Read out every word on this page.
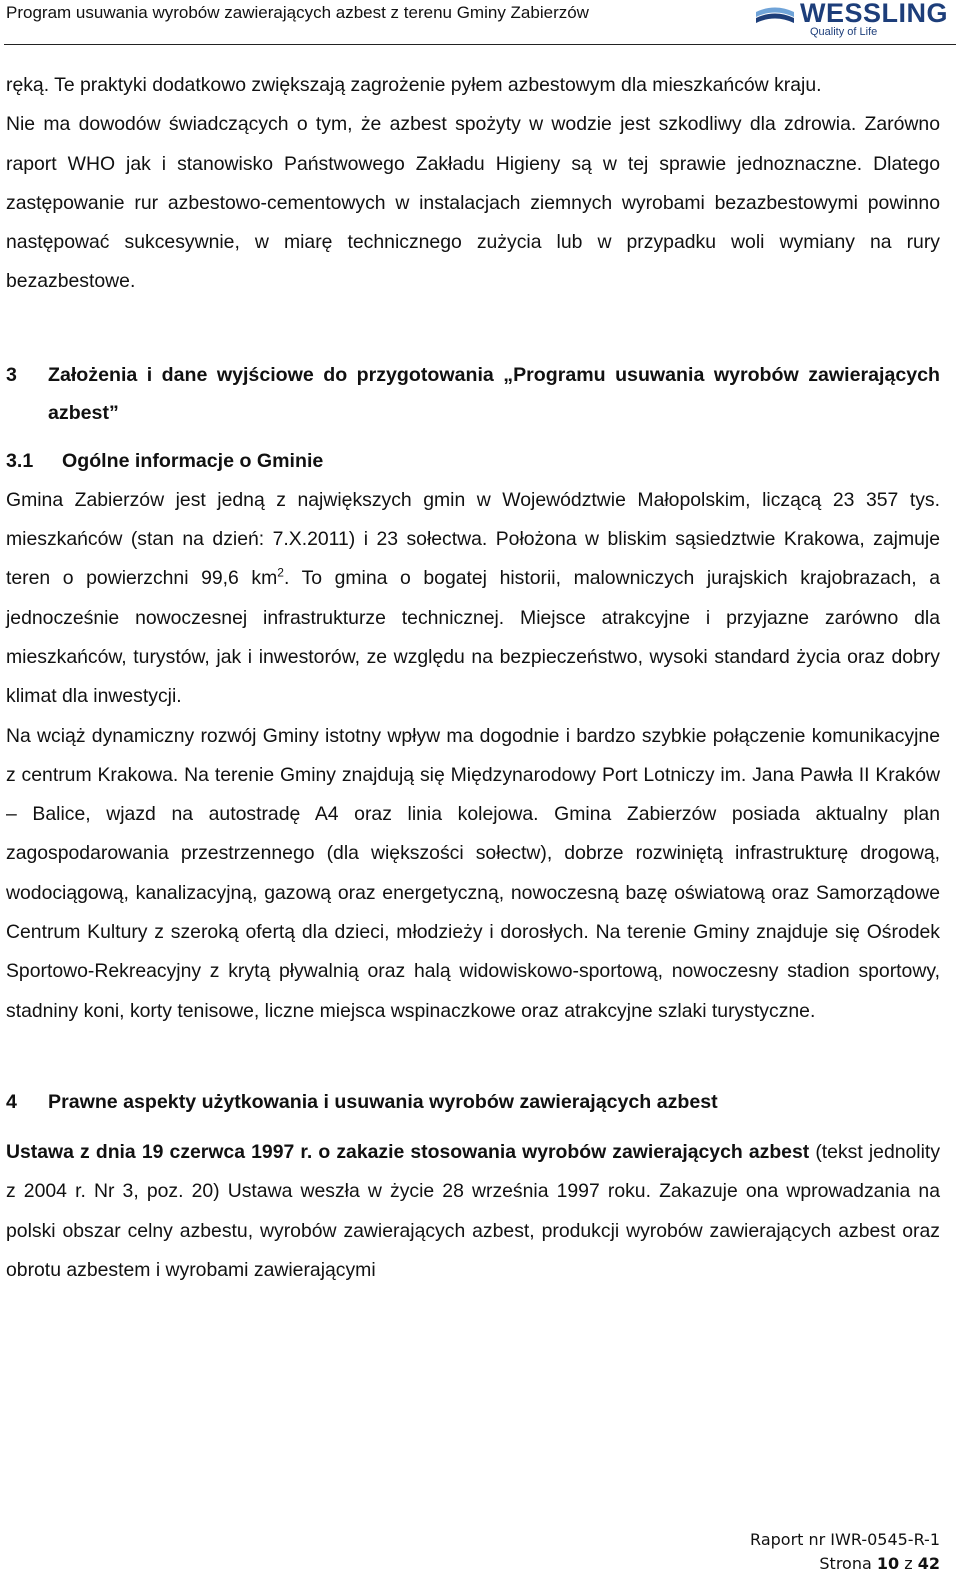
Program usuwania wyrobów zawierających azbest z terenu Gminy Zabierzów	WESSLING
Quality of Life

ręką. Te praktyki dodatkowo zwiększają zagrożenie pyłem azbestowym dla mieszkańców kraju.

Nie ma dowodów świadczących o tym, że azbest spożyty w wodzie jest szkodliwy dla zdrowia. Zarówno raport WHO jak i stanowisko Państwowego Zakładu Higieny są w tej sprawie jednoznaczne. Dlatego zastępowanie rur azbestowo-cementowych w instalacjach ziemnych wyrobami bezazbestowymi powinno następować sukcesywnie, w miarę technicznego zużycia lub w przypadku woli wymiany na rury bezazbestowe.

3	Założenia i dane wyjściowe do przygotowania „Programu usuwania wyrobów zawierających azbest”
3.1 Ogólne informacje o Gminie

Gmina Zabierzów jest jedną z największych gmin w Województwie Małopolskim, liczącą 23 357 tys. mieszkańców (stan na dzień: 7.X.2011) i 23 sołectwa. Położona w bliskim sąsiedztwie Krakowa, zajmuje teren o powierzchni 99,6 $km^2$. To gmina o bogatej historii, malowniczych jurajskich krajobrazach, a jednocześnie nowoczesnej infrastrukturze technicznej. Miejsce atrakcyjne i przyjazne zarówno dla mieszkańców, turystów, jak i inwestorów, ze względu na bezpieczeństwo, wysoki standard życia oraz dobry klimat dla inwestycji.

Na wciąż dynamiczny rozwój Gminy istotny wpływ ma dogodnie i bardzo szybkie połączenie komunikacyjne z centrum Krakowa. Na terenie Gminy znajdują się Międzynarodowy Port Lotniczy im. Jana Pawła II Kraków – Balice, wjazd na autostradę A4 oraz linia kolejowa. Gmina Zabierzów posiada aktualny plan zagospodarowania przestrzennego (dla większości sołectw), dobrze rozwiniętą infrastrukturę drogową, wodociągową, kanalizacyjną, gazową oraz energetyczną, nowoczesną bazę oświatową oraz Samorządowe Centrum Kultury z szeroką ofertą dla dzieci, młodzieży i dorosłych. Na terenie Gminy znajduje się Ośrodek Sportowo-Rekreacyjny z krytą pływalnią oraz halą widowiskowo-sportową, nowoczesny stadion sportowy, stadniny koni, korty tenisowe, liczne miejsca wspinaczkowe oraz atrakcyjne szlaki turystyczne.

4	Prawne aspekty użytkowania i usuwania wyrobów zawierających azbest

Ustawa z dnia 19 czerwca 1997 r. o zakazie stosowania wyrobów zawierających azbest (tekst jednolity z 2004 r. Nr 3, poz. 20) Ustawa weszła w życie 28 września 1997 roku. Zakazuje ona wprowadzania na polski obszar celny azbestu, wyrobów zawierających azbest, produkcji wyrobów zawierających azbest oraz obrotu azbestem i wyrobami zawierającymi

Raport nr IWR-0545-R-1
Strona 10 z 42
